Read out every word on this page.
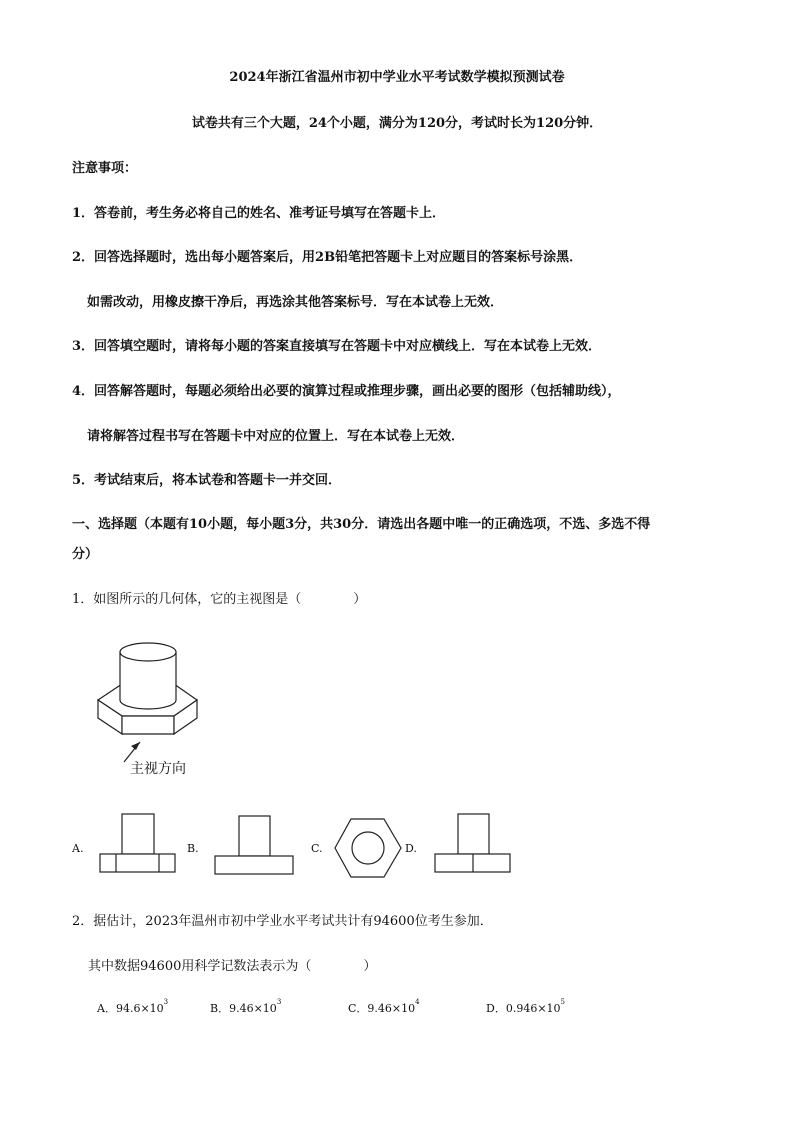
2024年浙江省温州市初中学业水平考试数学模拟预测试卷
试卷共有三个大题，24个小题，满分为120分，考试时长为120分钟．
注意事项：
1．答卷前，考生务必将自己的姓名、准考证号填写在答题卡上．
2．回答选择题时，选出每小题答案后，用2B铅笔把答题卡上对应题目的答案标号涂黑．
如需改动，用橡皮擦干净后，再选涂其他答案标号．写在本试卷上无效．
3．回答填空题时，请将每小题的答案直接填写在答题卡中对应横线上．写在本试卷上无效．
4．回答解答题时，每题必须给出必要的演算过程或推理步骤，画出必要的图形（包括辅助线），
请将解答过程书写在答题卡中对应的位置上．写在本试卷上无效．
5．考试结束后，将本试卷和答题卡一并交回．
一、选择题（本题有10小题，每小题3分，共30分．请选出各题中唯一的正确选项，不选、多选不得
分）
1．如图所示的几何体，它的主视图是（　　　　）
主视方向
A.	B.	C.	D.
2．据估计，2023年温州市初中学业水平考试共计有94600位考生参加．
其中数据94600用科学记数法表示为（　　　　）
A．$94.6\times 10^3$	B．$9.46\times 10^3$	C．$9.46\times 10^4$	D．$0.946\times 10^5$
